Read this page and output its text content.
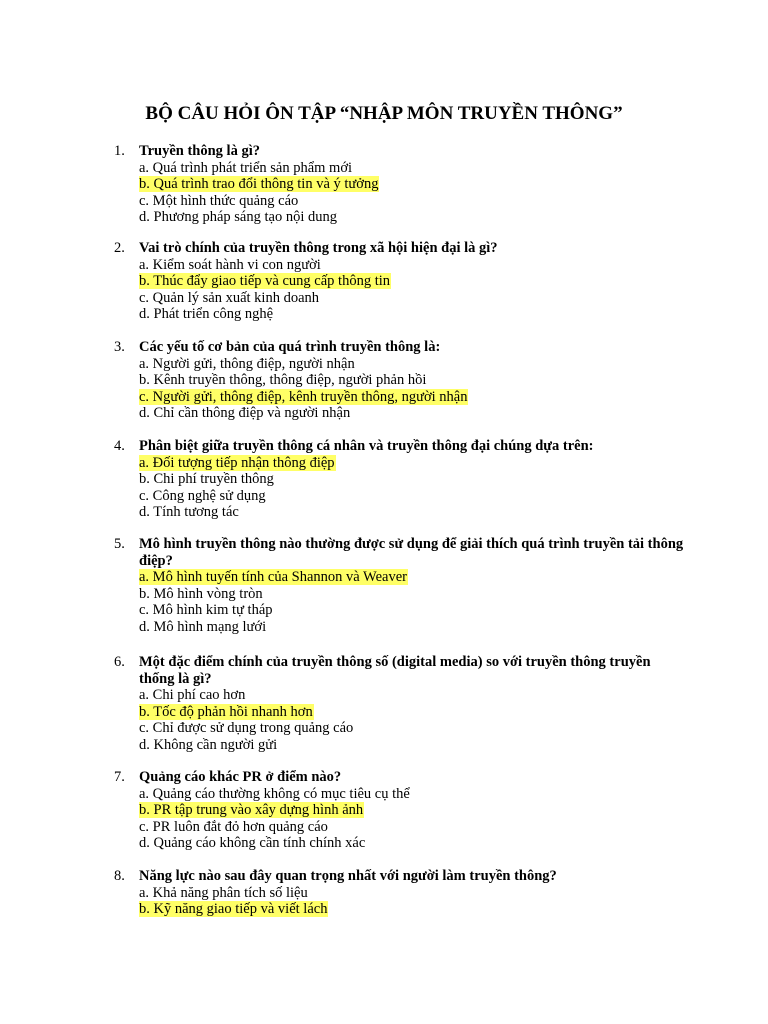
BỘ CÂU HỎI ÔN TẬP “NHẬP MÔN TRUYỀN THÔNG”
1. Truyền thông là gì?
a. Quá trình phát triển sản phẩm mới
b. Quá trình trao đổi thông tin và ý tưởng
c. Một hình thức quảng cáo
d. Phương pháp sáng tạo nội dung
2. Vai trò chính của truyền thông trong xã hội hiện đại là gì?
a. Kiểm soát hành vi con người
b. Thúc đẩy giao tiếp và cung cấp thông tin
c. Quản lý sản xuất kinh doanh
d. Phát triển công nghệ
3. Các yếu tố cơ bản của quá trình truyền thông là:
a. Người gửi, thông điệp, người nhận
b. Kênh truyền thông, thông điệp, người phản hồi
c. Người gửi, thông điệp, kênh truyền thông, người nhận
d. Chỉ cần thông điệp và người nhận
4. Phân biệt giữa truyền thông cá nhân và truyền thông đại chúng dựa trên:
a. Đối tượng tiếp nhận thông điệp
b. Chi phí truyền thông
c. Công nghệ sử dụng
d. Tính tương tác
5. Mô hình truyền thông nào thường được sử dụng để giải thích quá trình truyền tải thông điệp?
a. Mô hình tuyến tính của Shannon và Weaver
b. Mô hình vòng tròn
c. Mô hình kim tự tháp
d. Mô hình mạng lưới
6. Một đặc điểm chính của truyền thông số (digital media) so với truyền thông truyền thống là gì?
a. Chi phí cao hơn
b. Tốc độ phản hồi nhanh hơn
c. Chỉ được sử dụng trong quảng cáo
d. Không cần người gửi
7. Quảng cáo khác PR ở điểm nào?
a. Quảng cáo thường không có mục tiêu cụ thể
b. PR tập trung vào xây dựng hình ảnh
c. PR luôn đắt đỏ hơn quảng cáo
d. Quảng cáo không cần tính chính xác
8. Năng lực nào sau đây quan trọng nhất với người làm truyền thông?
a. Khả năng phân tích số liệu
b. Kỹ năng giao tiếp và viết lách
